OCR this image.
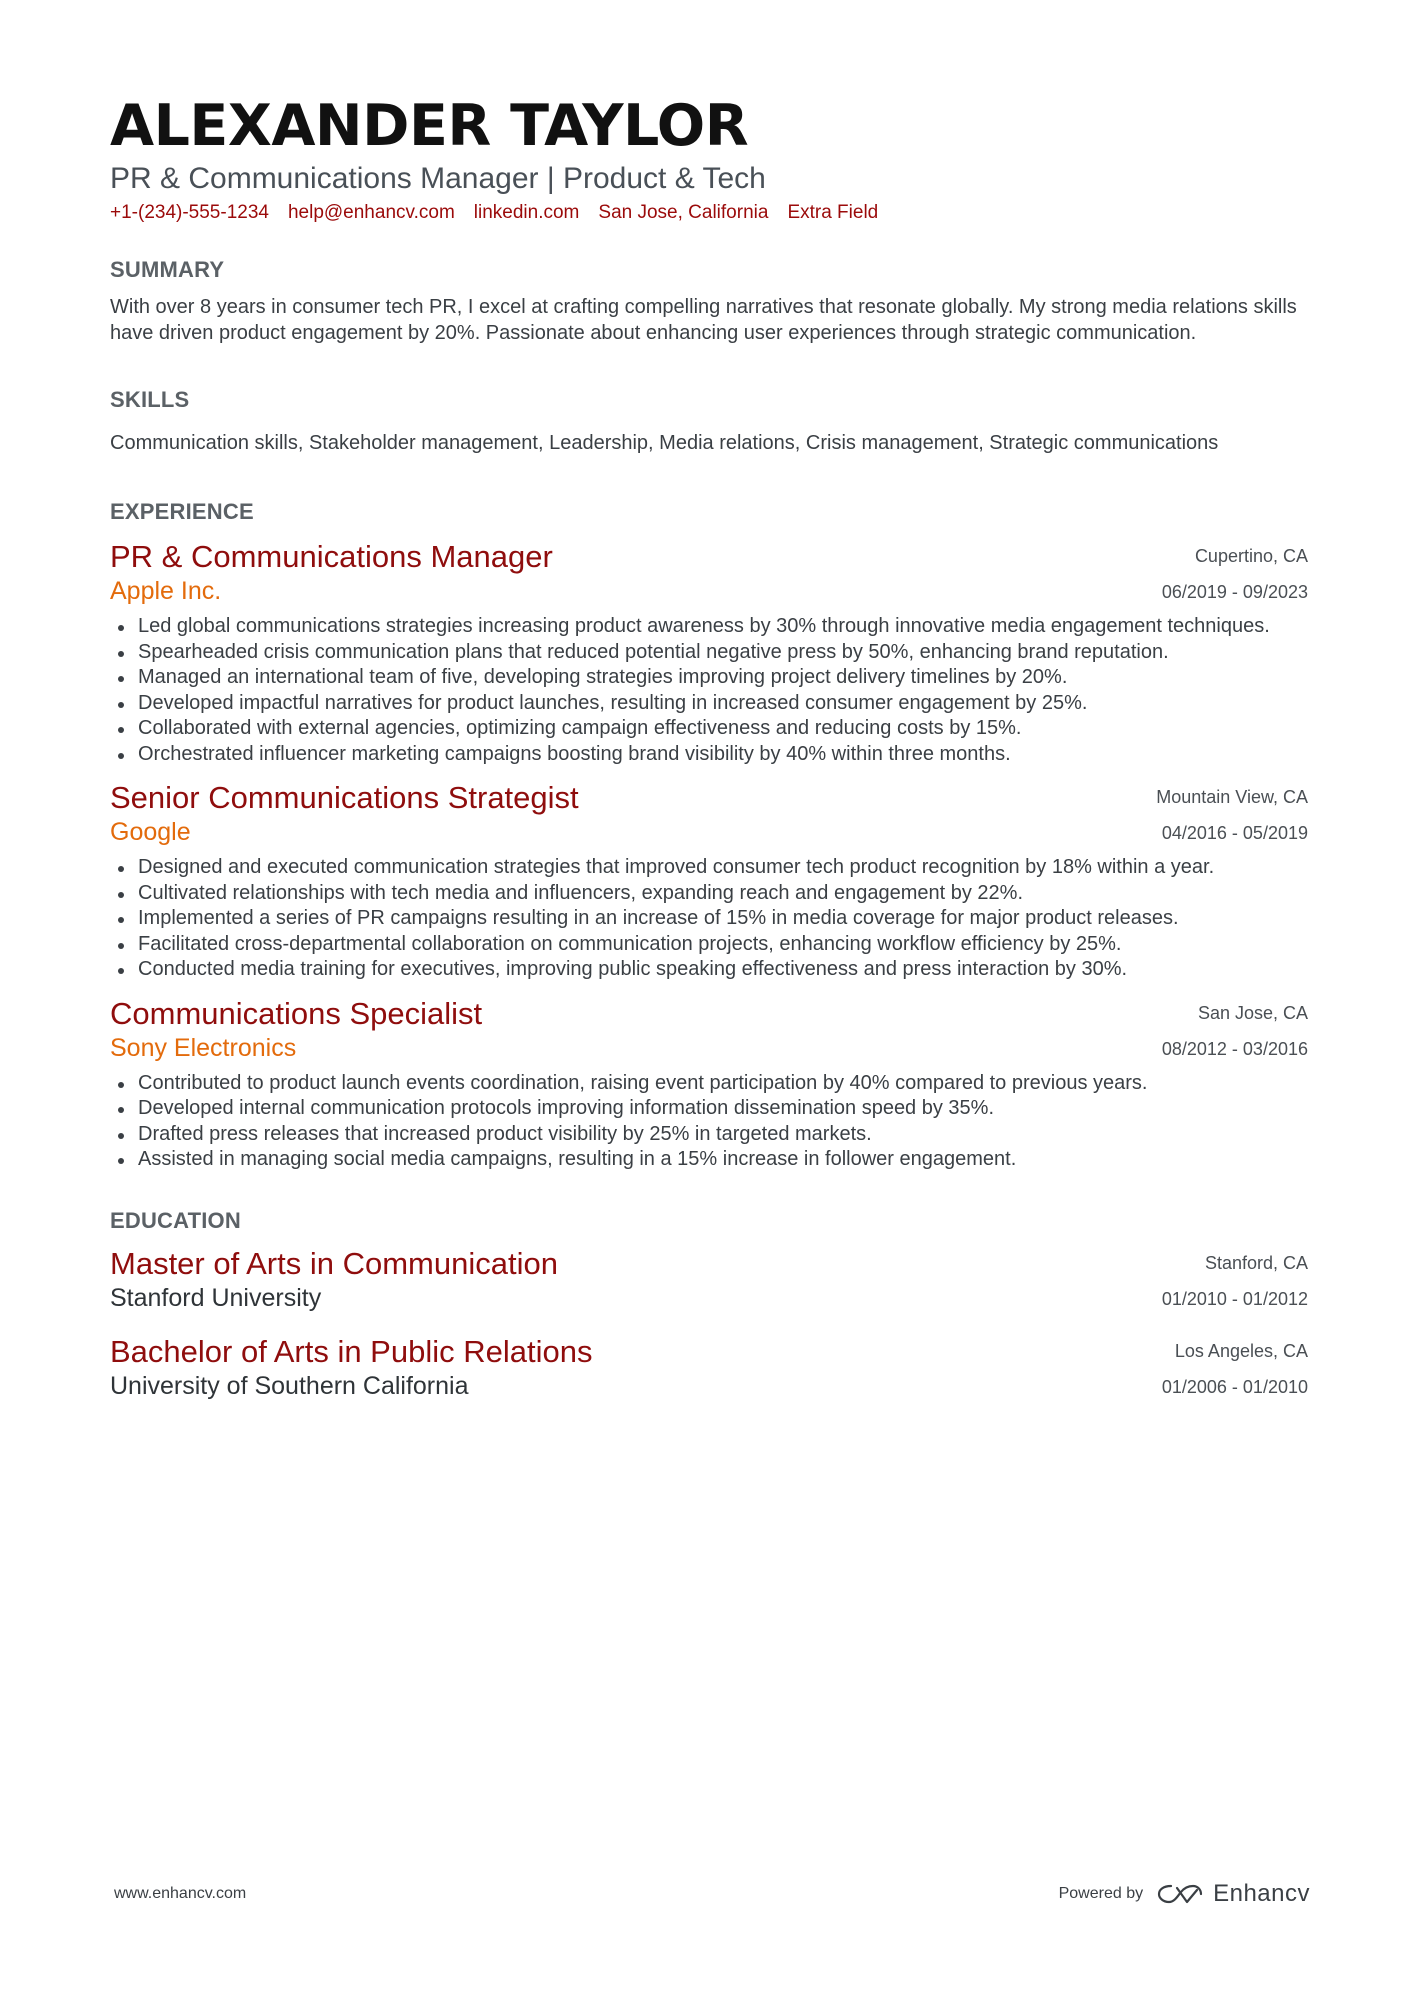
ALEXANDER TAYLOR
PR & Communications Manager | Product & Tech
+1-(234)-555-1234 help@enhancv.com linkedin.com San Jose, California Extra Field
SUMMARY
With over 8 years in consumer tech PR, I excel at crafting compelling narratives that resonate globally. My strong media relations skills have driven product engagement by 20%. Passionate about enhancing user experiences through strategic communication.
SKILLS
Communication skills, Stakeholder management, Leadership, Media relations, Crisis management, Strategic communications
EXPERIENCE
PR & Communications Manager
Apple Inc.
Cupertino, CA
06/2019 - 09/2023
Led global communications strategies increasing product awareness by 30% through innovative media engagement techniques.
Spearheaded crisis communication plans that reduced potential negative press by 50%, enhancing brand reputation.
Managed an international team of five, developing strategies improving project delivery timelines by 20%.
Developed impactful narratives for product launches, resulting in increased consumer engagement by 25%.
Collaborated with external agencies, optimizing campaign effectiveness and reducing costs by 15%.
Orchestrated influencer marketing campaigns boosting brand visibility by 40% within three months.
Senior Communications Strategist
Google
Mountain View, CA
04/2016 - 05/2019
Designed and executed communication strategies that improved consumer tech product recognition by 18% within a year.
Cultivated relationships with tech media and influencers, expanding reach and engagement by 22%.
Implemented a series of PR campaigns resulting in an increase of 15% in media coverage for major product releases.
Facilitated cross-departmental collaboration on communication projects, enhancing workflow efficiency by 25%.
Conducted media training for executives, improving public speaking effectiveness and press interaction by 30%.
Communications Specialist
Sony Electronics
San Jose, CA
08/2012 - 03/2016
Contributed to product launch events coordination, raising event participation by 40% compared to previous years.
Developed internal communication protocols improving information dissemination speed by 35%.
Drafted press releases that increased product visibility by 25% in targeted markets.
Assisted in managing social media campaigns, resulting in a 15% increase in follower engagement.
EDUCATION
Master of Arts in Communication
Stanford University
Stanford, CA
01/2010 - 01/2012
Bachelor of Arts in Public Relations
University of Southern California
Los Angeles, CA
01/2006 - 01/2010
www.enhancv.com	Powered by	Enhancv
